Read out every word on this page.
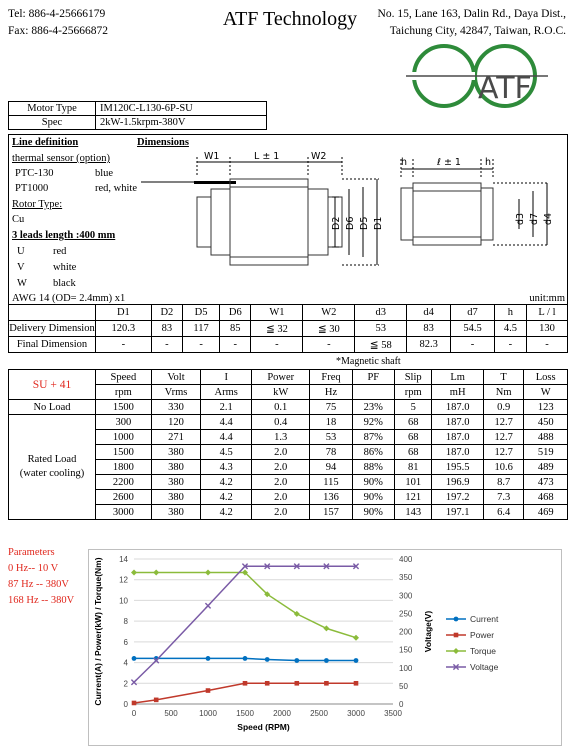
Tel: 886-4-25666179
Fax: 886-4-25666872
ATF Technology	No. 15, Lane 163, Dalin Rd., Daya Dist.,
Taichung City, 42847, Taiwan, R.O.C.
ATF
Motor Type	IM120C-L130-6P-SU
Spec	2kW-1.5krpm-380V
Line definition	Dimensions
thermal sensor (option)
PTC-130	blue
PT1000	red, white
Rotor Type:
Cu
3 leads length :400 mm
U	red
V	white
W black
AWG 14 (OD= 2.4mm) x1	unit:mm
W1	L ± 1	W2
D2 D6 D5 D1
h	ℓ ± 1	h
d3 d7 d4
	D1	D2	D5	D6	W1	W2	d3	d4	d7	h	L / l
Delivery Dimension	120.3	83	117	85	≦ 32	≦ 30	53	83	54.5	4.5	130
Final Dimension	-	-	-	-	-	-	≦ 58	82.3	-	-	-
*Magnetic shaft
SU + 41	Speed	Volt	I	Power	Freq	PF	Slip	Lm	T	Loss
	rpm	Vrms	Arms	kW	Hz		rpm	mH	Nm	W
No Load	1500	330	2.1	0.1	75	23%	5	187.0	0.9	123

Rated Load
(water cooling)	300	120	4.4	0.4	18	92%	68	187.0	12.7	450
	1000	271	4.4	1.3	53	87%	68	187.0	12.7	488
	1500	380	4.5	2.0	78	86%	68	187.0	12.7	519
	1800	380	4.3	2.0	94	88%	81	195.5	10.6	489
	2200	380	4.2	2.0	115	90%	101	196.9	8.7	473
	2600	380	4.2	2.0	136	90%	121	197.2	7.3	468
	3000	380	4.2	2.0	157	90%	143	197.1	6.4	469
Parameters
0 Hz-- 10 V
87 Hz -- 380V
168 Hz -- 380V
0
2
4
6
8
10
12
14
0
50
100
150
200
250
300
350
400
0	500	1000 1500 2000 2500 3000 3500
Speed (RPM)
Current(A) / Power(kW) / Torque(Nm)	Voltage(V)	Current
Power
Torque
Voltage
